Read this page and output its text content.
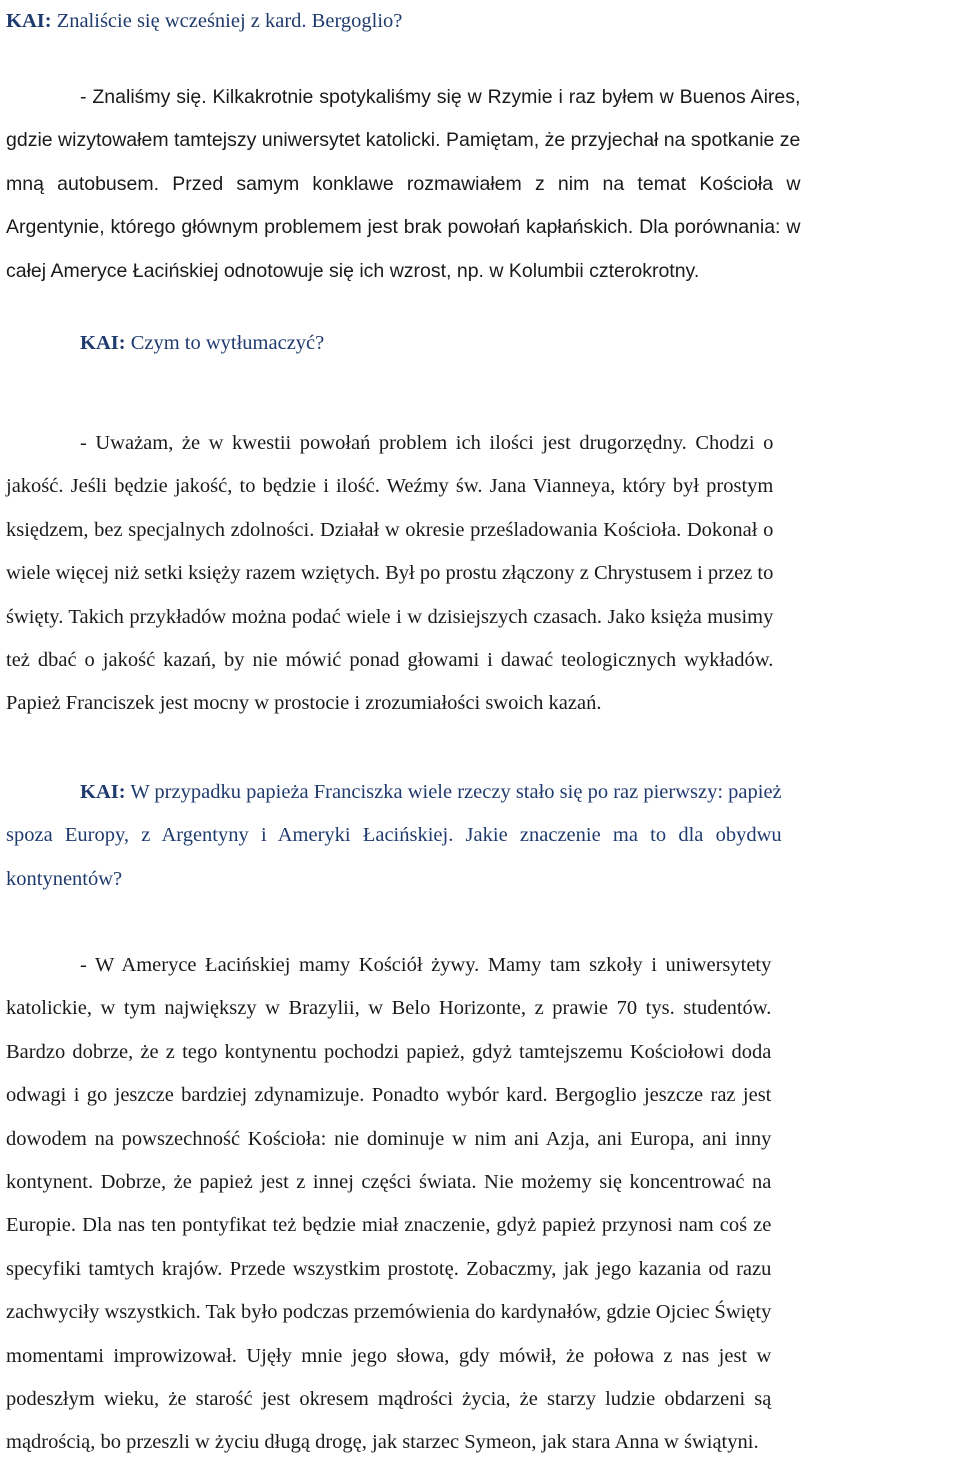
KAI: Znaliście się wcześniej z kard. Bergoglio?

- Znaliśmy się. Kilkakrotnie spotykaliśmy się w Rzymie i raz byłem w Buenos Aires,
gdzie wizytowałem tamtejszy uniwersytet katolicki. Pamiętam, że przyjechał na spotkanie ze
mną autobusem. Przed samym konklawe rozmawiałem z nim na temat Kościoła w
Argentynie, którego głównym problemem jest brak powołań kapłańskich. Dla porównania: w
całej Ameryce Łacińskiej odnotowuje się ich wzrost, np. w Kolumbii czterokrotny.

KAI: Czym to wytłumaczyć?

- Uważam, że w kwestii powołań problem ich ilości jest drugorzędny. Chodzi o
jakość. Jeśli będzie jakość, to będzie i ilość. Weźmy św. Jana Vianneya, który był prostym
księdzem, bez specjalnych zdolności. Działał w okresie prześladowania Kościoła. Dokonał o
wiele więcej niż setki księży razem wziętych. Był po prostu złączony z Chrystusem i przez to
święty. Takich przykładów można podać wiele i w dzisiejszych czasach. Jako księża musimy
też dbać o jakość kazań, by nie mówić ponad głowami i dawać teologicznych wykładów.
Papież Franciszek jest mocny w prostocie i zrozumiałości swoich kazań.
KAI: W przypadku papieża Franciszka wiele rzeczy stało się po raz pierwszy: papież
spoza Europy, z Argentyny i Ameryki Łacińskiej. Jakie znaczenie ma to dla obydwu
kontynentów?
- W Ameryce Łacińskiej mamy Kościół żywy. Mamy tam szkoły i uniwersytety
katolickie, w tym największy w Brazylii, w Belo Horizonte, z prawie 70 tys. studentów.
Bardzo dobrze, że z tego kontynentu pochodzi papież, gdyż tamtejszemu Kościołowi doda
odwagi i go jeszcze bardziej zdynamizuje. Ponadto wybór kard. Bergoglio jeszcze raz jest
dowodem na powszechność Kościoła: nie dominuje w nim ani Azja, ani Europa, ani inny
kontynent. Dobrze, że papież jest z innej części świata. Nie możemy się koncentrować na
Europie. Dla nas ten pontyfikat też będzie miał znaczenie, gdyż papież przynosi nam coś ze
specyfiki tamtych krajów. Przede wszystkim prostotę. Zobaczmy, jak jego kazania od razu
zachwyciły wszystkich. Tak było podczas przemówienia do kardynałów, gdzie Ojciec Święty
momentami improwizował. Ujęły mnie jego słowa, gdy mówił, że połowa z nas jest w
podeszłym wieku, że starość jest okresem mądrości życia, że starzy ludzie obdarzeni są
mądrością, bo przeszli w życiu długą drogę, jak starzec Symeon, jak stara Anna w świątyni.
